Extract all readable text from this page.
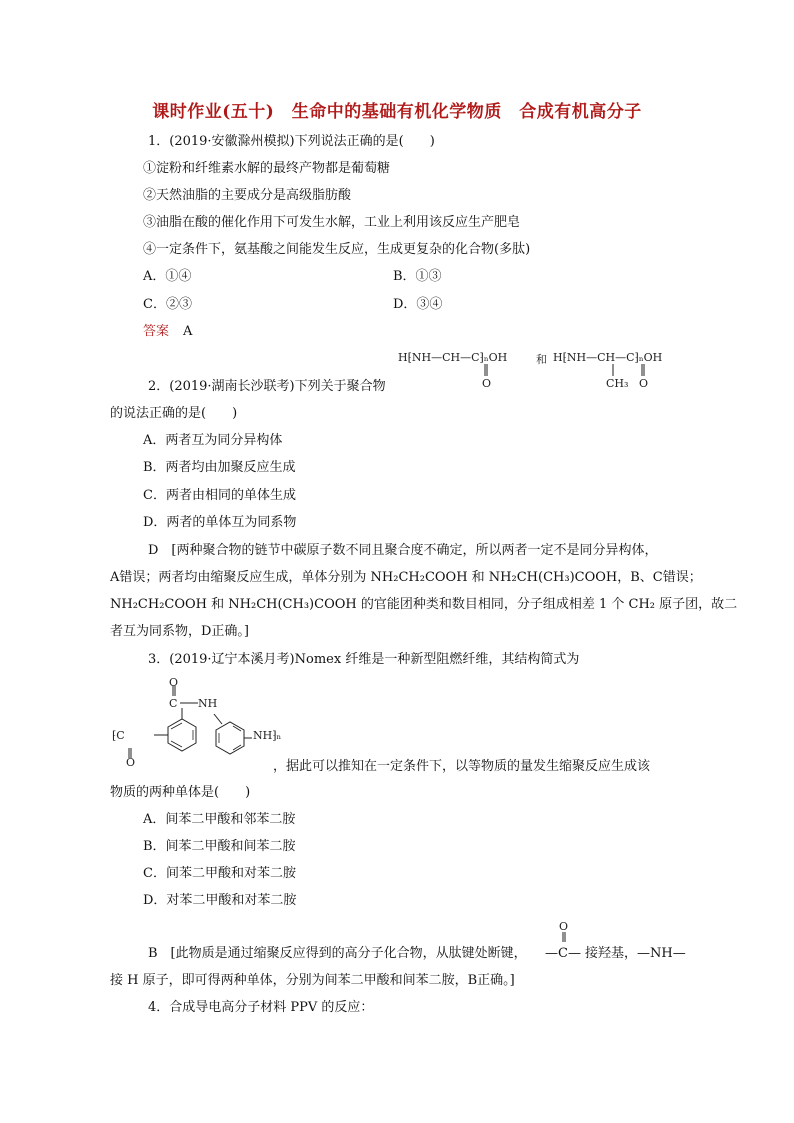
课时作业(五十)　生命中的基础有机化学物质　合成有机高分子
1．(2019·安徽滁州模拟)下列说法正确的是(　　)
①淀粉和纤维素水解的最终产物都是葡萄糖
②天然油脂的主要成分是高级脂肪酸
③油脂在酸的催化作用下可发生水解，工业上利用该反应生产肥皂
④一定条件下，氨基酸之间能发生反应，生成更复杂的化合物(多肽)
A．①④	B．①③
C．②③	D．③④
答案 A
H⁅NH—CH—C⁆ₙOH	和 H⁅NH—CH—C⁆ₙOH
O	CH₃ O
2．(2019·湖南长沙联考)下列关于聚合物
的说法正确的是(　　)
A．两者互为同分异构体
B．两者均由加聚反应生成
C．两者由相同的单体生成
D．两者的单体互为同系物
D　[两种聚合物的链节中碳原子数不同且聚合度不确定，所以两者一定不是同分异构体，
A错误；两者均由缩聚反应生成，单体分别为 NH₂CH₂COOH 和 NH₂CH(CH₃)COOH，B、C错误；
NH₂CH₂COOH 和 NH₂CH(CH₃)COOH 的官能团种类和数目相同，分子组成相差 1 个 CH₂ 原子团，故二
者互为同系物，D正确。]
3．(2019·辽宁本溪月考)Nomex 纤维是一种新型阻燃纤维，其结构简式为
O
C NH
⁅C	NH⁆ₙ
O	，据此可以推知在一定条件下，以等物质的量发生缩聚反应生成该
物质的两种单体是(　　)
A．间苯二甲酸和邻苯二胺
B．间苯二甲酸和间苯二胺
C．间苯二甲酸和对苯二胺
D．对苯二甲酸和对苯二胺
O
B　[此物质是通过缩聚反应得到的高分子化合物，从肽键处断键， —C— 接羟基，—NH—
接 H 原子，即可得两种单体，分别为间苯二甲酸和间苯二胺，B正确。]
4．合成导电高分子材料 PPV 的反应：
